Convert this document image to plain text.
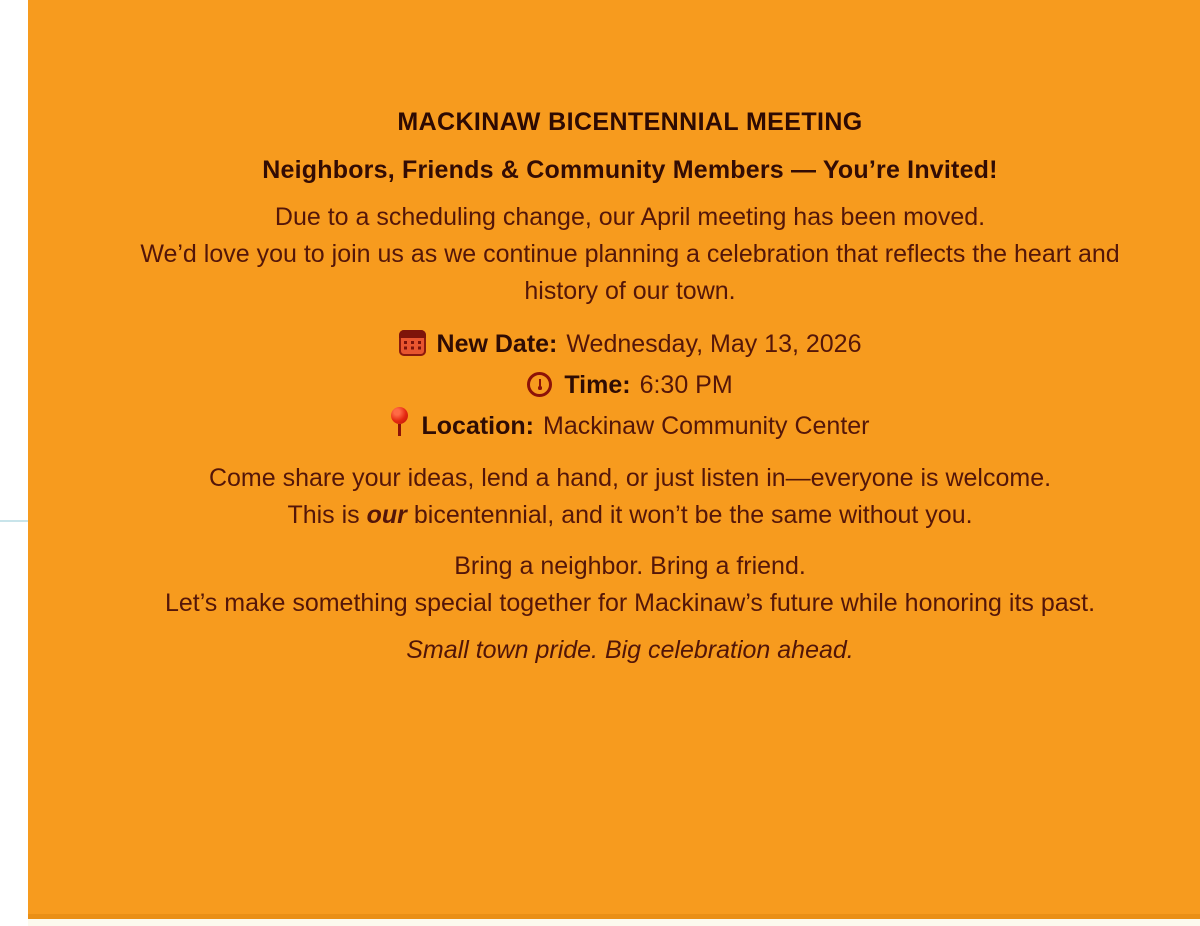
MACKINAW BICENTENNIAL MEETING
Neighbors, Friends & Community Members — You’re Invited!

Due to a scheduling change, our April meeting has been moved.
We’d love you to join us as we continue planning a celebration that reflects the heart and history of our town.

New Date: Wednesday, May 13, 2026
Time: 6:30 PM
Location: Mackinaw Community Center

Come share your ideas, lend a hand, or just listen in—everyone is welcome.
This is our bicentennial, and it won’t be the same without you.

Bring a neighbor. Bring a friend.
Let’s make something special together for Mackinaw’s future while honoring its past.

Small town pride. Big celebration ahead.
